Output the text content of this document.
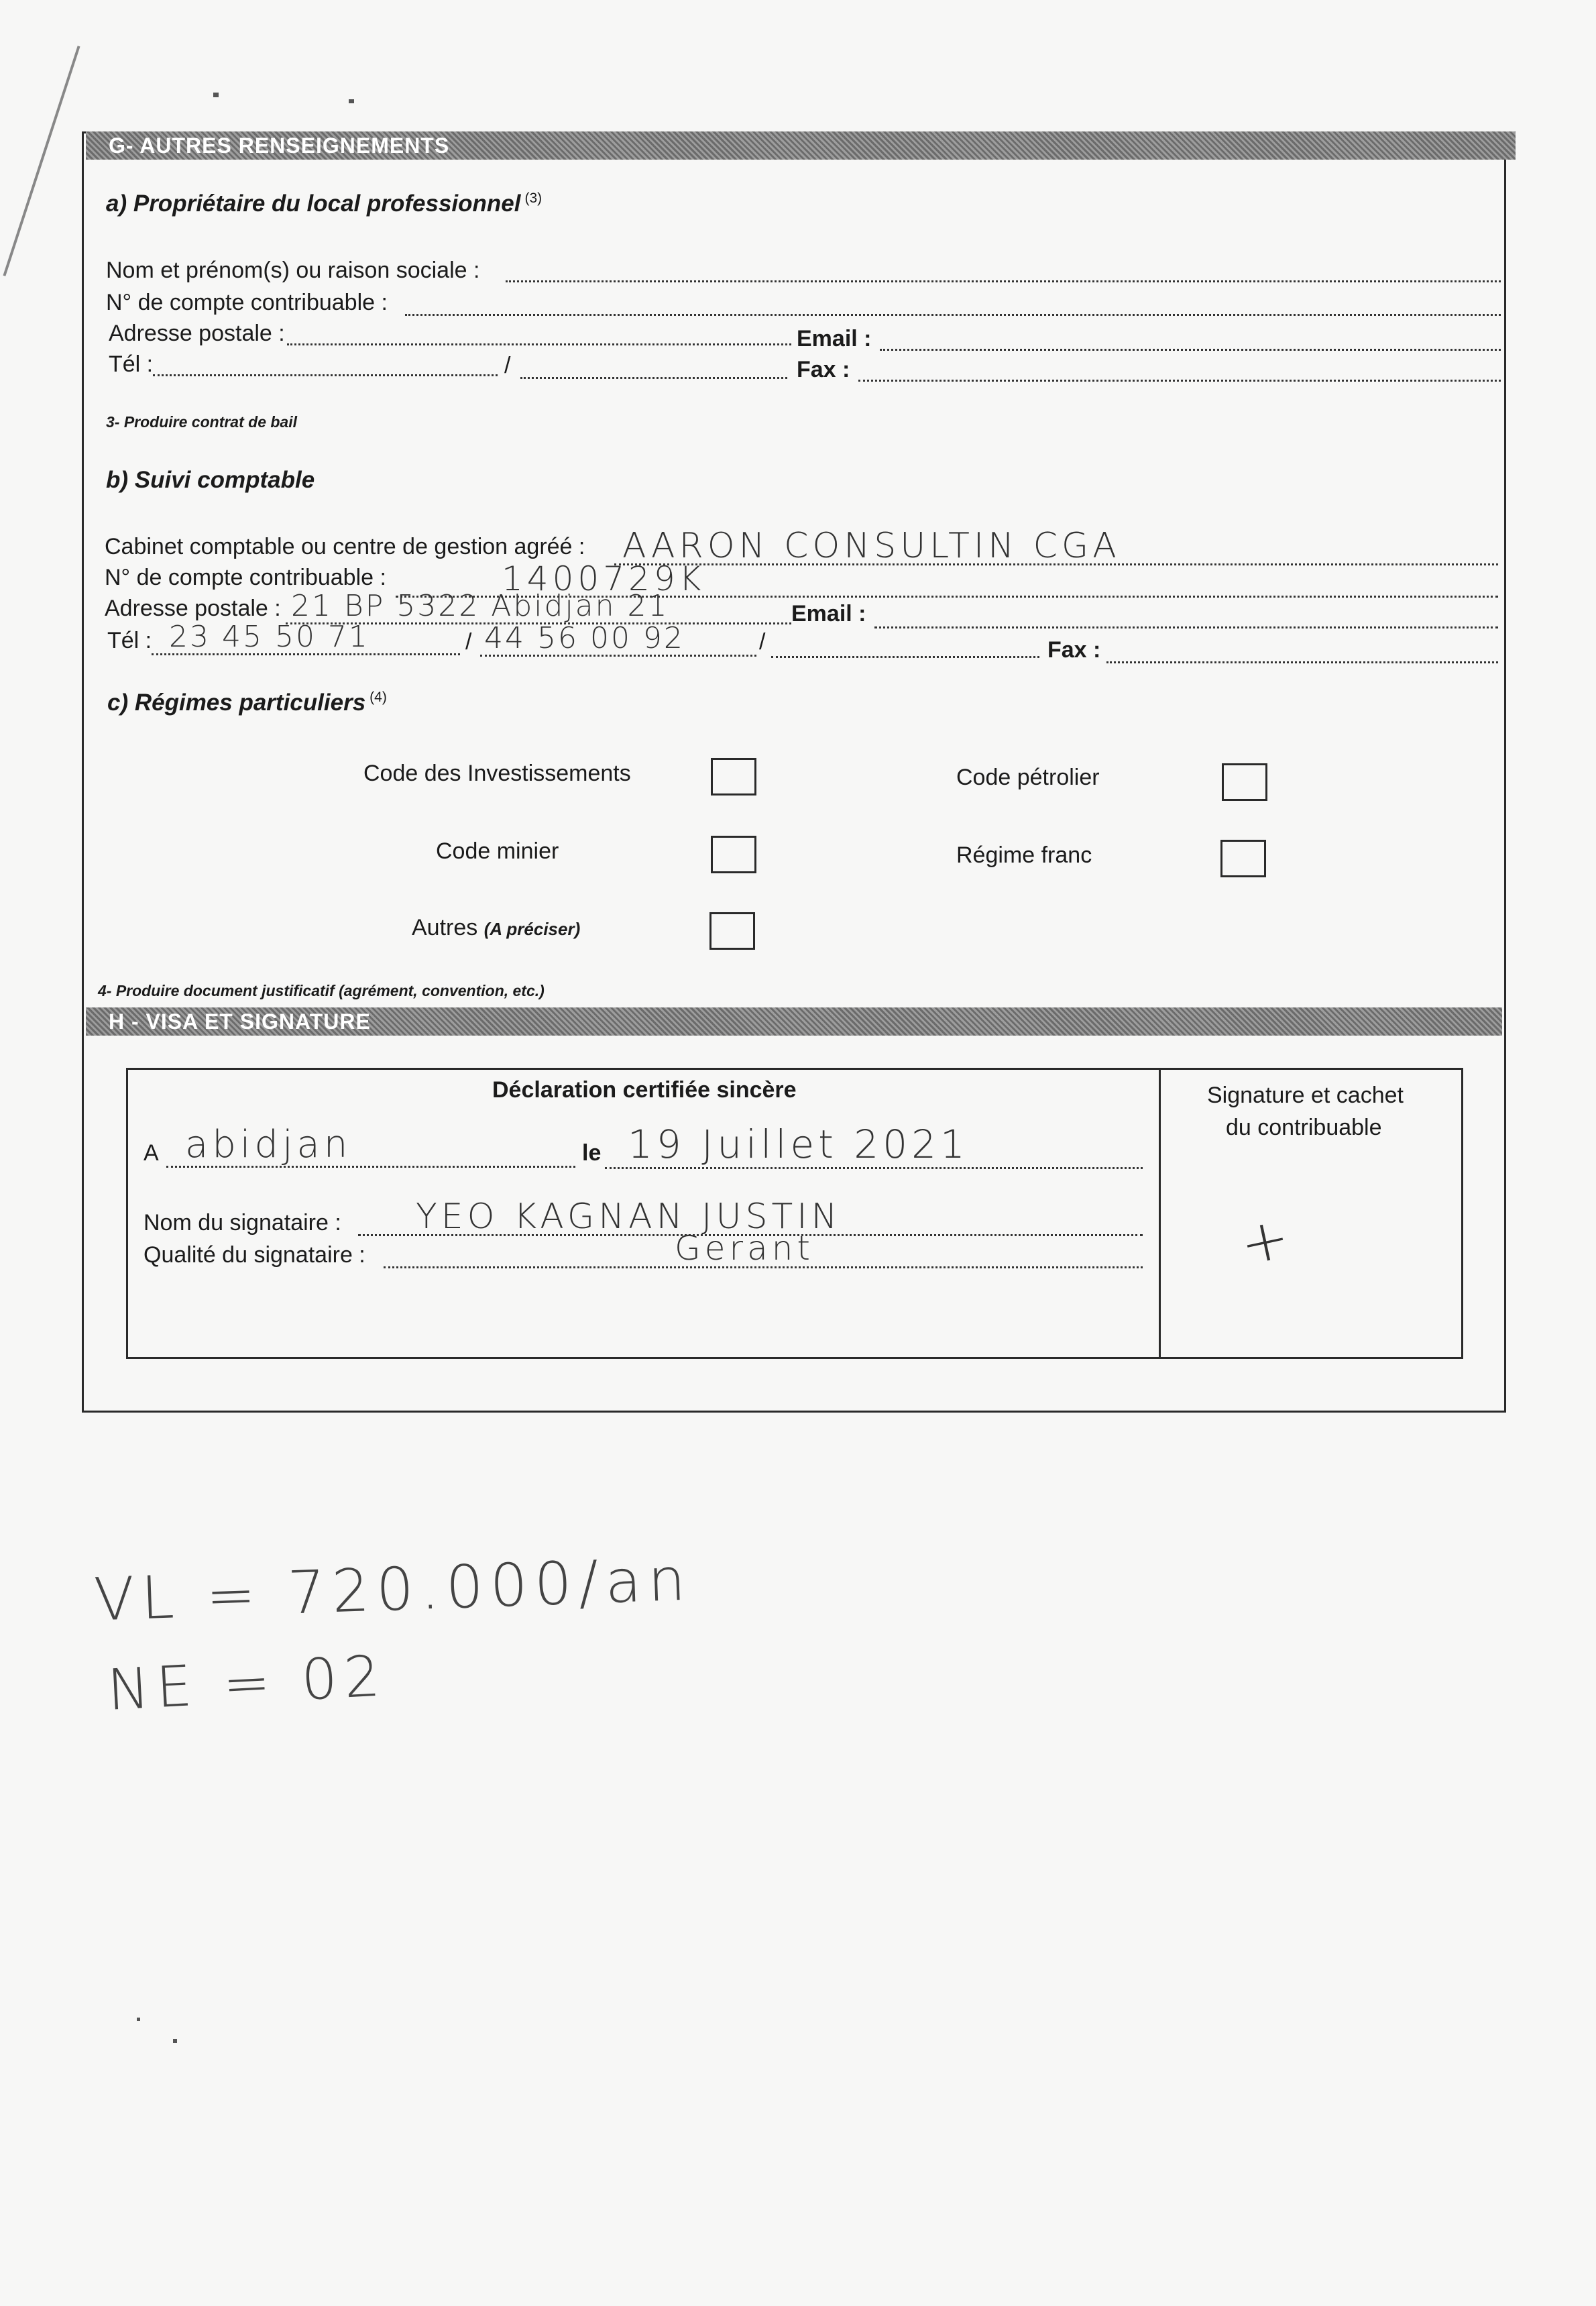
G- AUTRES RENSEIGNEMENTS
a) Propriétaire du local professionnel $^{(3)}$
Nom et prénom(s) ou raison sociale :
N° de compte contribuable :
Adresse postale :	Email :
Tél :	/	Fax :
3- Produire contrat de bail
b) Suivi comptable
Cabinet comptable ou centre de gestion agréé : AARON CONSULTIN CGA
N° de compte contribuable :	1400729K
Adresse postale : 21 BP 5322 Abidjan 21	Email :
Tél : 23 45 50 71	/ 44 56 00 92	/	Fax :
c) Régimes particuliers $^{(4)}$
Code des Investissements	Code pétrolier
Code minier	Régime franc
Autres (A préciser)
4- Produire document justificatif (agrément, convention, etc.)
H - VISA ET SIGNATURE
Déclaration certifiée sincère
A abidjan	le 19 Juillet 2021
Nom du signataire : YEO KAGNAN JUSTIN
Qualité du signataire :	Gerant
Signature et cachet
du contribuable
+
VL = 720.000/an
NE = 02
